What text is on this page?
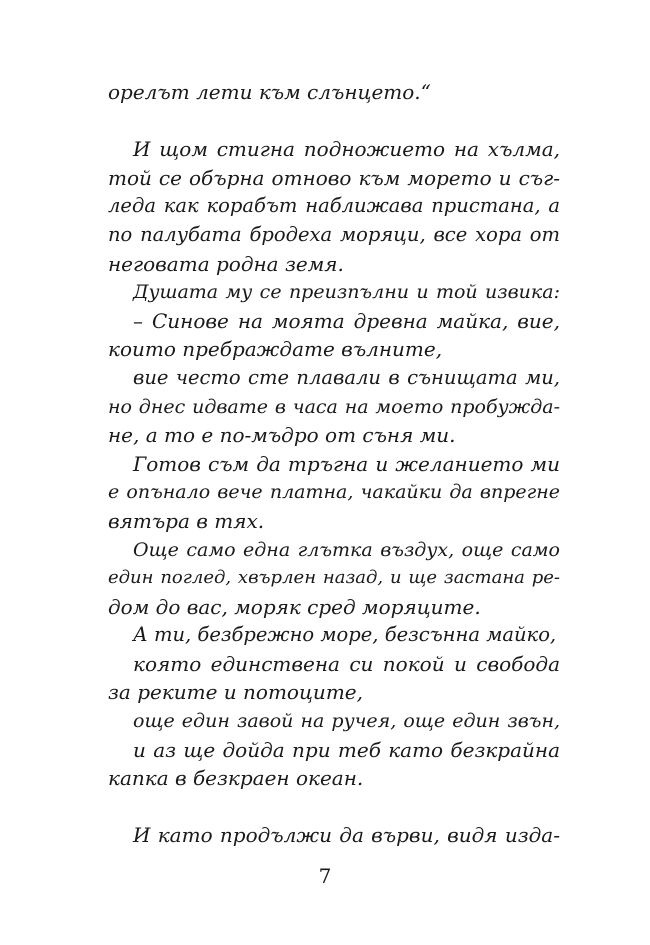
орелът лети към слънцето.“
И щом стигна подножието на хълма,
той се обърна отново към морето и съг-
леда как корабът наближава пристана, а
по палубата бродеха моряци, все хора от
неговата родна земя.
Душата му се преизпълни и той извика:
– Синове на моята древна майка, вие,
които пребраждате вълните,
вие често сте плавали в сънищата ми,
но днес идвате в часа на моето пробужда-
не, а то е по-мъдро от съня ми.
Готов съм да тръгна и желанието ми
е опънало вече платна, чакайки да впрегне
вятъра в тях.
Още само една глътка въздух, още само
един поглед, хвърлен назад, и ще застана ре-
дом до вас, моряк сред моряците.
А ти, безбрежно море, безсънна майко,
която единствена си покой и свобода
за реките и потоците,
още един завой на ручея, още един звън,
и аз ще дойда при теб като безкрайна
капка в безкраен океан.
И като продължи да върви, видя изда-
7
